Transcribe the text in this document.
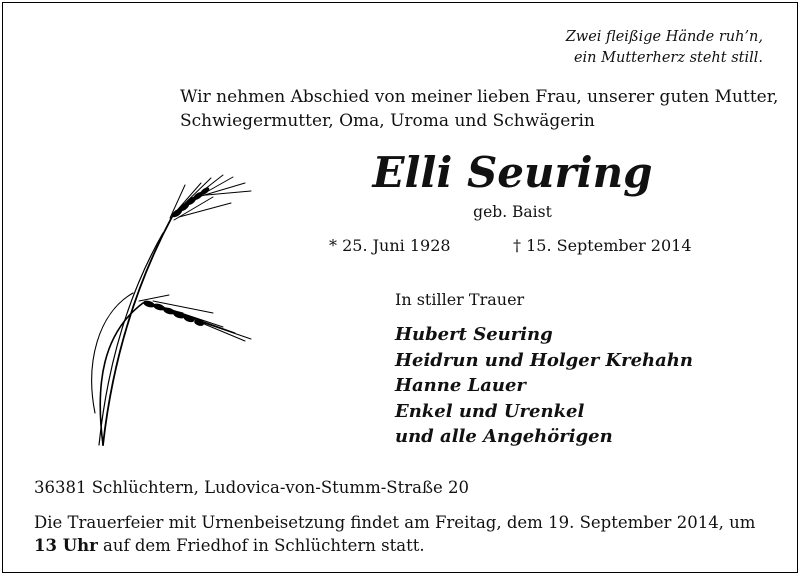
Zwei fleißige Hände ruh’n,
ein Mutterherz steht still.
Wir nehmen Abschied von meiner lieben Frau, unserer guten Mutter,
Schwiegermutter, Oma, Uroma und Schwägerin
Elli Seuring
geb. Baist
* 25. Juni 1928	† 15. September 2014
In stiller Trauer
Hubert Seuring
Heidrun und Holger Krehahn
Hanne Lauer
Enkel und Urenkel
und alle Angehörigen
36381 Schlüchtern, Ludovica-von-Stumm-Straße 20
Die Trauerfeier mit Urnenbeisetzung findet am Freitag, dem 19. September 2014, um
13 Uhr auf dem Friedhof in Schlüchtern statt.
